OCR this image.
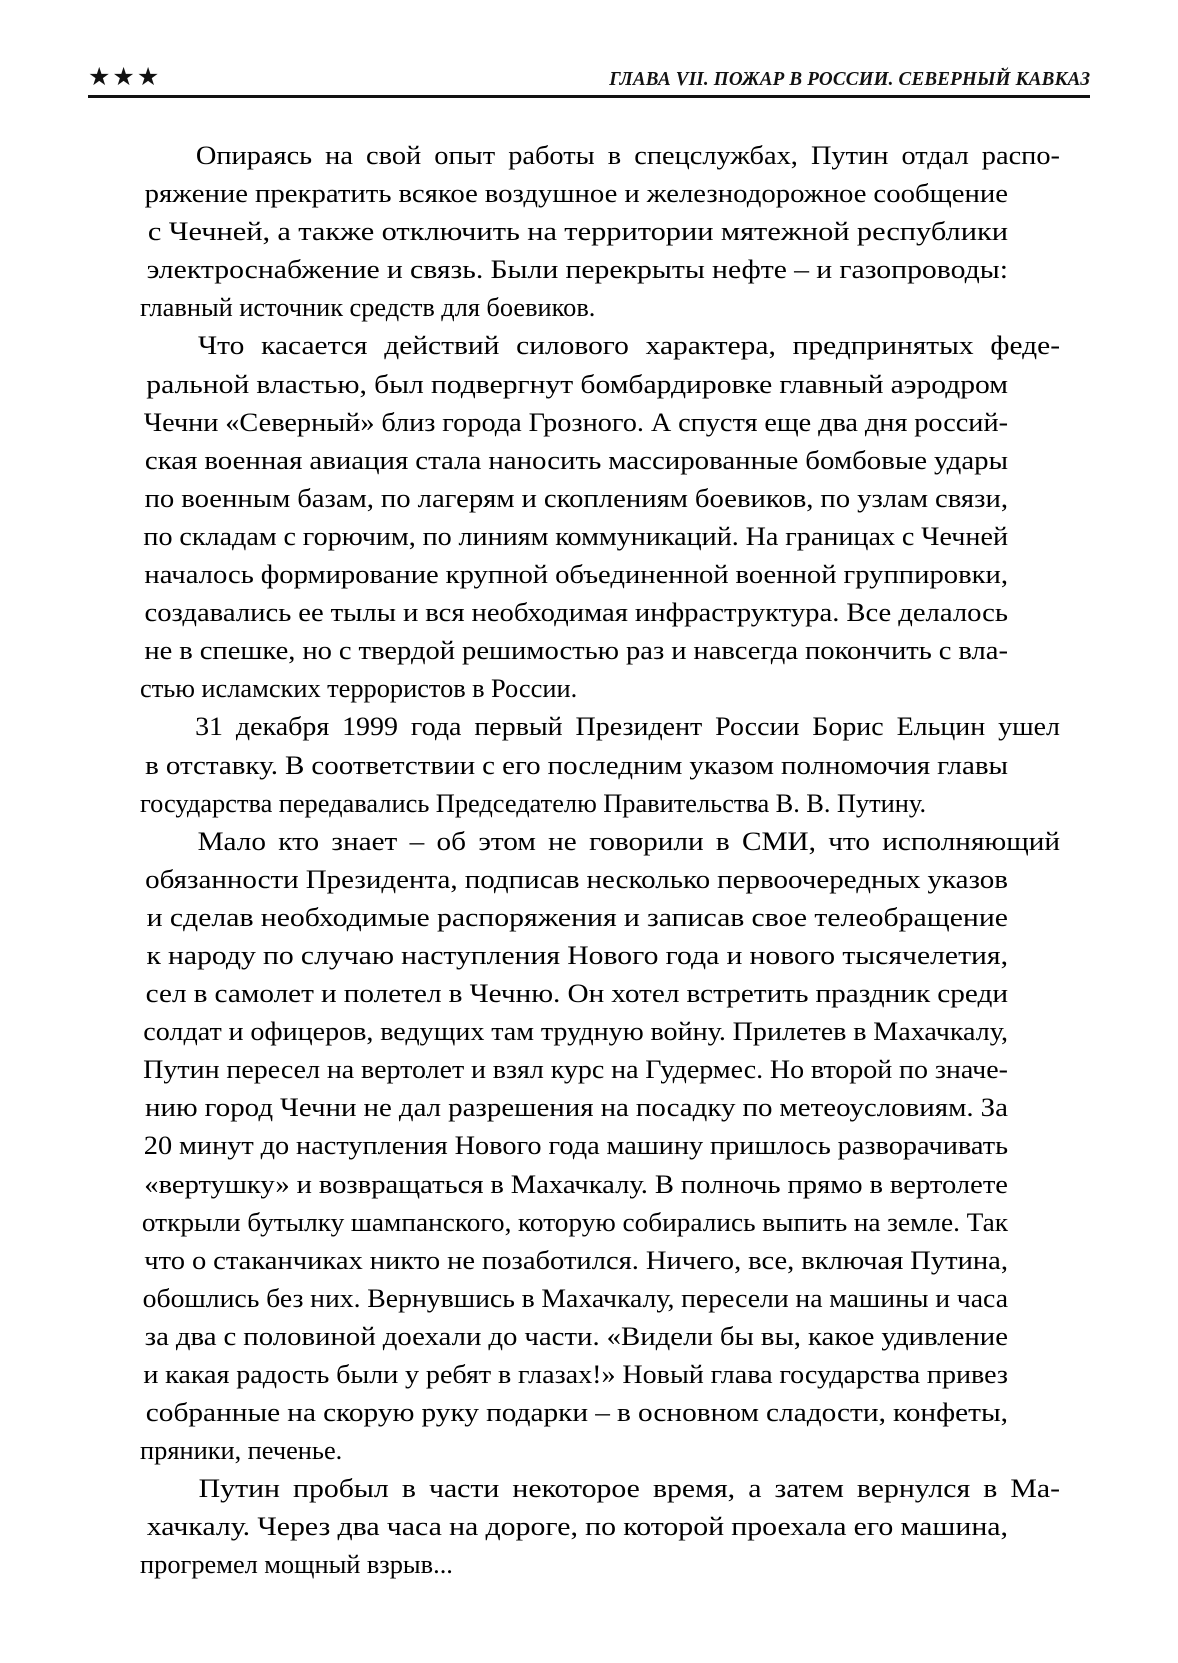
★★★	ГЛАВА VII. ПОЖАР В РОССИИ. СЕВЕРНЫЙ КАВКАЗ

Опираясь на свой опыт работы в спецслужбах, Путин отдал распо-ряжение прекратить всякое воздушное и железнодорожное сообщениес Чечней, а также отключить на территории мятежной республикиэлектроснабжение и связь. Были перекрыты нефте – и газопроводы:
главный источник средств для боевиков.

Что касается действий силового характера, предпринятых феде-ральной властью, был подвергнут бомбардировке главный аэродромЧечни «Северный» близ города Грозного. А спустя еще два дня россий-ская военная авиация стала наносить массированные бомбовые ударыпо военным базам, по лагерям и скоплениям боевиков, по узлам связи,по складам с горючим, по линиям коммуникаций. На границах с Чечнейначалось формирование крупной объединенной военной группировки,создавались ее тылы и вся необходимая инфраструктура. Все делалосьне в спешке, но с твердой решимостью раз и навсегда покончить с вла-
стью исламских террористов в России.

31 декабря 1999 года первый Президент России Борис Ельцин ушелв отставку. В соответствии с его последним указом полномочия главы
государства передавались Председателю Правительства В. В. Путину.

Мало кто знает – об этом не говорили в СМИ, что исполняющийобязанности Президента, подписав несколько первоочередных указови сделав необходимые распоряжения и записав свое телеобращениек народу по случаю наступления Нового года и нового тысячелетия,сел в самолет и полетел в Чечню. Он хотел встретить праздник средисолдат и офицеров, ведущих там трудную войну. Прилетев в Махачкалу,Путин пересел на вертолет и взял курс на Гудермес. Но второй по значе-нию город Чечни не дал разрешения на посадку по метеоусловиям. За20 минут до наступления Нового года машину пришлось разворачивать«вертушку» и возвращаться в Махачкалу. В полночь прямо в вертолетеоткрыли бутылку шампанского, которую собирались выпить на земле. Такчто о стаканчиках никто не позаботился. Ничего, все, включая Путина,обошлись без них. Вернувшись в Махачкалу, пересели на машины и часаза два с половиной доехали до части. «Видели бы вы, какое удивлениеи какая радость были у ребят в глазах!» Новый глава государства привезсобранные на скорую руку подарки – в основном сладости, конфеты,
пряники, печенье.

Путин пробыл в части некоторое время, а затем вернулся в Ма-хачкалу. Через два часа на дороге, по которой проехала его машина,
прогремел мощный взрыв...
